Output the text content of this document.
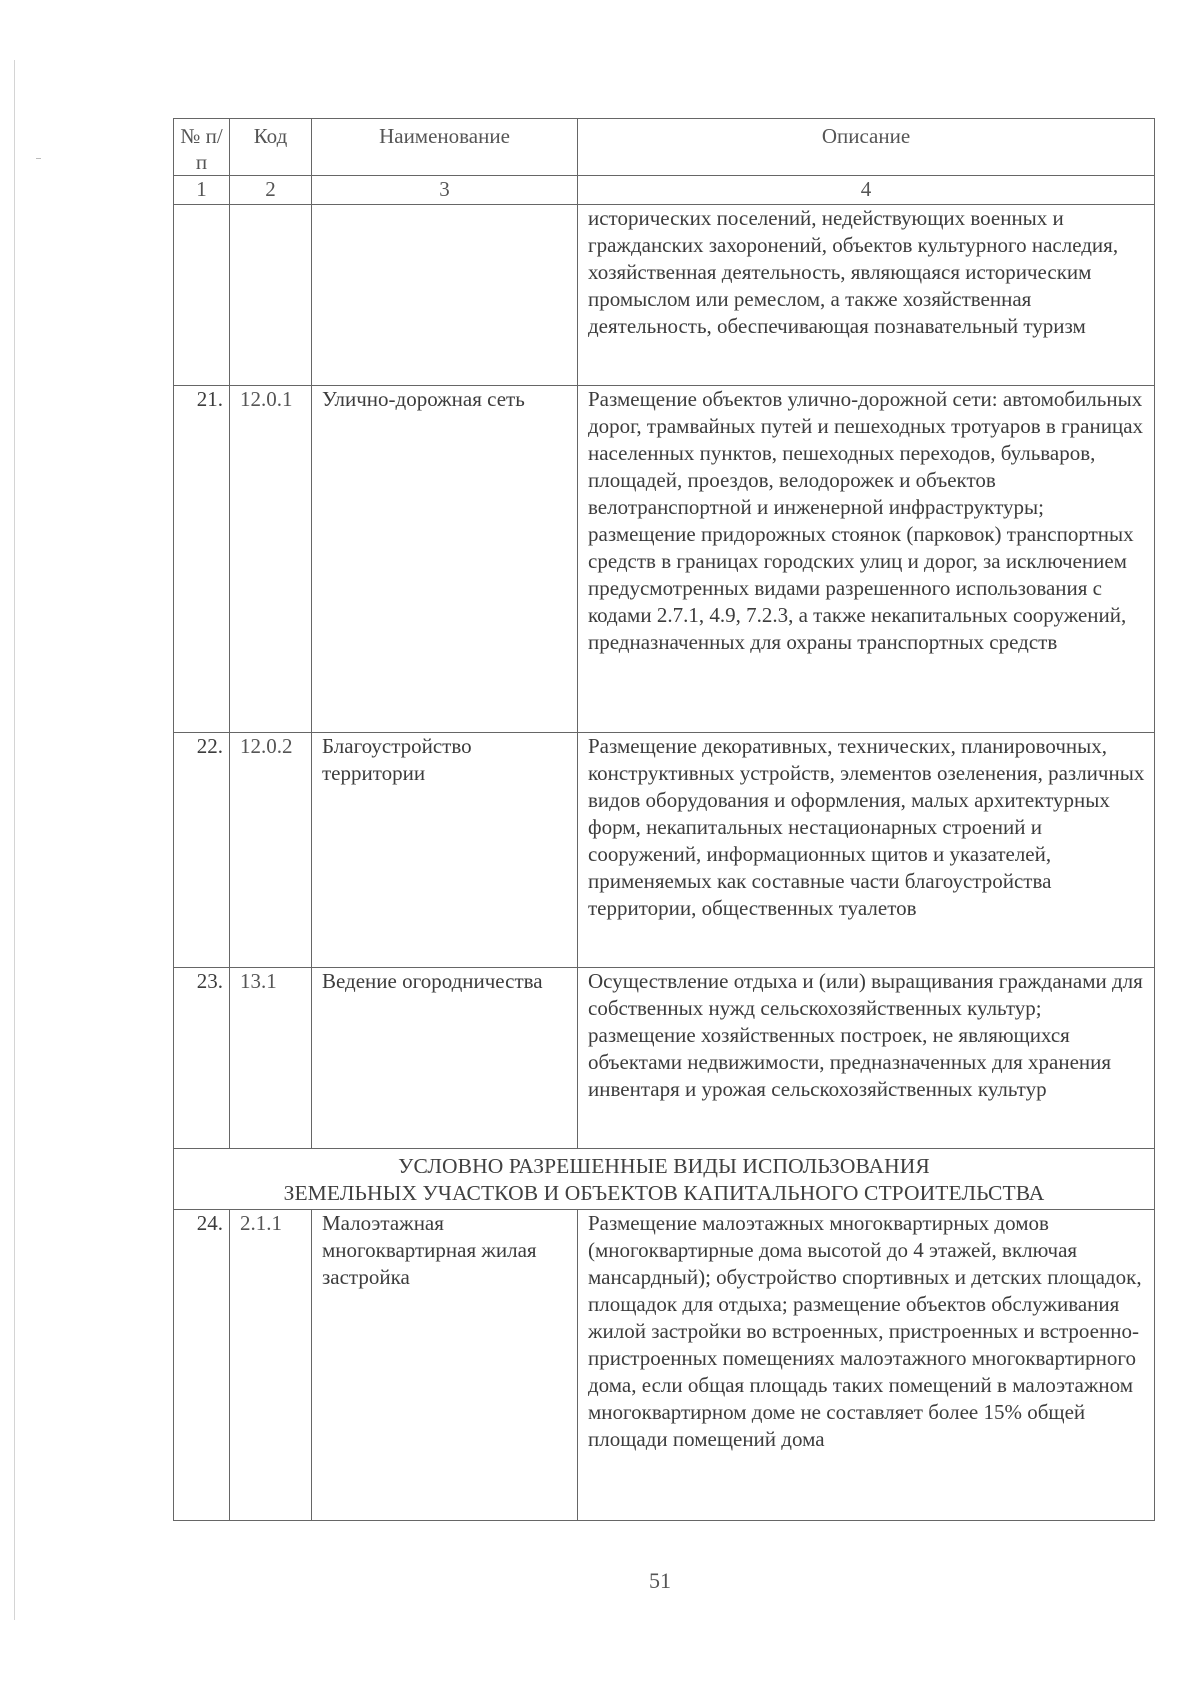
№ п/п	Код	Наименование	Описание
1	2	3	4
			исторических поселений, недействующих военных и гражданских захоронений, объектов культурного наследия, хозяйственная деятельность, являющаяся историческим промыслом или ремеслом, а также хозяйственная деятельность, обеспечивающая познавательный туризм
21.	12.0.1	Улично-дорожная сеть	Размещение объектов улично-дорожной сети: автомобильных дорог, трамвайных путей и пешеходных тротуаров в границах населенных пунктов, пешеходных переходов, бульваров, площадей, проездов, велодорожек и объектов велотранспортной и инженерной инфраструктуры; размещение придорожных стоянок (парковок) транспортных средств в границах городских улиц и дорог, за исключением предусмотренных видами разрешенного использования с кодами 2.7.1, 4.9, 7.2.3, а также некапитальных сооружений, предназначенных для охраны транспортных средств
22.	12.0.2	Благоустройство территории	Размещение декоративных, технических, планировочных, конструктивных устройств, элементов озеленения, различных видов оборудования и оформления, малых архитектурных форм, некапитальных нестационарных строений и сооружений, информационных щитов и указателей, применяемых как составные части благоустройства территории, общественных туалетов
23.	13.1	Ведение огородничества	Осуществление отдыха и (или) выращивания гражданами для собственных нужд сельскохозяйственных культур; размещение хозяйственных построек, не являющихся объектами недвижимости, предназначенных для хранения инвентаря и урожая сельскохозяйственных культур

УСЛОВНО РАЗРЕШЕННЫЕ ВИДЫ ИСПОЛЬЗОВАНИЯ
ЗЕМЕЛЬНЫХ УЧАСТКОВ И ОБЪЕКТОВ КАПИТАЛЬНОГО СТРОИТЕЛЬСТВА			

24.	2.1.1	Малоэтажная многоквартирная жилая застройка	Размещение малоэтажных многоквартирных домов (многоквартирные дома высотой до 4 этажей, включая мансардный); обустройство спортивных и детских площадок, площадок для отдыха; размещение объектов обслуживания жилой застройки во встроенных, пристроенных и встроенно-пристроенных помещениях малоэтажного многоквартирного дома, если общая площадь таких помещений в малоэтажном многоквартирном доме не составляет более 15% общей площади помещений дома
51
